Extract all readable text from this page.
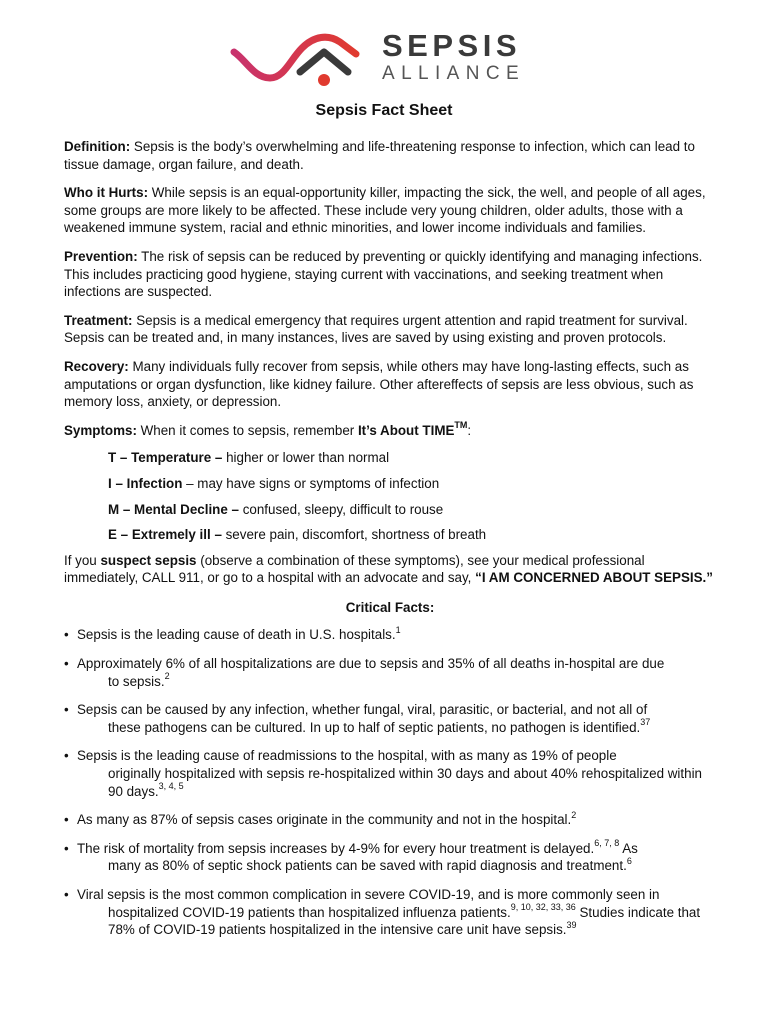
SEPSIS
ALLIANCE
Sepsis Fact Sheet

Definition: Sepsis is the body’s overwhelming and life-threatening response to infection, which can lead to tissue damage, organ failure, and death.

Who it Hurts: While sepsis is an equal-opportunity killer, impacting the sick, the well, and people of all ages, some groups are more likely to be affected. These include very young children, older adults, those with a weakened immune system, racial and ethnic minorities, and lower income individuals and families.

Prevention: The risk of sepsis can be reduced by preventing or quickly identifying and managing infections. This includes practicing good hygiene, staying current with vaccinations, and seeking treatment when infections are suspected.

Treatment: Sepsis is a medical emergency that requires urgent attention and rapid treatment for survival. Sepsis can be treated and, in many instances, lives are saved by using existing and proven protocols.

Recovery: Many individuals fully recover from sepsis, while others may have long-lasting effects, such as amputations or organ dysfunction, like kidney failure. Other aftereffects of sepsis are less obvious, such as memory loss, anxiety, or depression.

Symptoms: When it comes to sepsis, remember It’s About TIME™:

T – Temperature – higher or lower than normal
I – Infection – may have signs or symptoms of infection
M – Mental Decline – confused, sleepy, difficult to rouse
E – Extremely ill – severe pain, discomfort, shortness of breath

If you suspect sepsis (observe a combination of these symptoms), see your medical professional immediately, CALL 911, or go to a hospital with an advocate and say, “I AM CONCERNED ABOUT SEPSIS.”

Critical Facts:
• Sepsis is the leading cause of death in U.S. hospitals.$^1$
• Approximately 6% of all hospitalizations are due to sepsis and 35% of all deaths in-hospital are due
to sepsis.$^2$
• Sepsis can be caused by any infection, whether fungal, viral, parasitic, or bacterial, and not all of
these pathogens can be cultured. In up to half of septic patients, no pathogen is identified.$^{37}$
• Sepsis is the leading cause of readmissions to the hospital, with as many as 19% of people
originally hospitalized with sepsis re-hospitalized within 30 days and about 40% rehospitalized within 90 days.$^{3, 4, 5}$
• As many as 87% of sepsis cases originate in the community and not in the hospital.$^2$
• The risk of mortality from sepsis increases by 4-9% for every hour treatment is delayed.$^{6, 7, 8}$ As
many as 80% of septic shock patients can be saved with rapid diagnosis and treatment.$^6$
• Viral sepsis is the most common complication in severe COVID-19, and is more commonly seen in
hospitalized COVID-19 patients than hospitalized influenza patients.$^{9, 10, 32, 33, 36}$ Studies indicate that 78% of COVID-19 patients hospitalized in the intensive care unit have sepsis.$^{39}$
